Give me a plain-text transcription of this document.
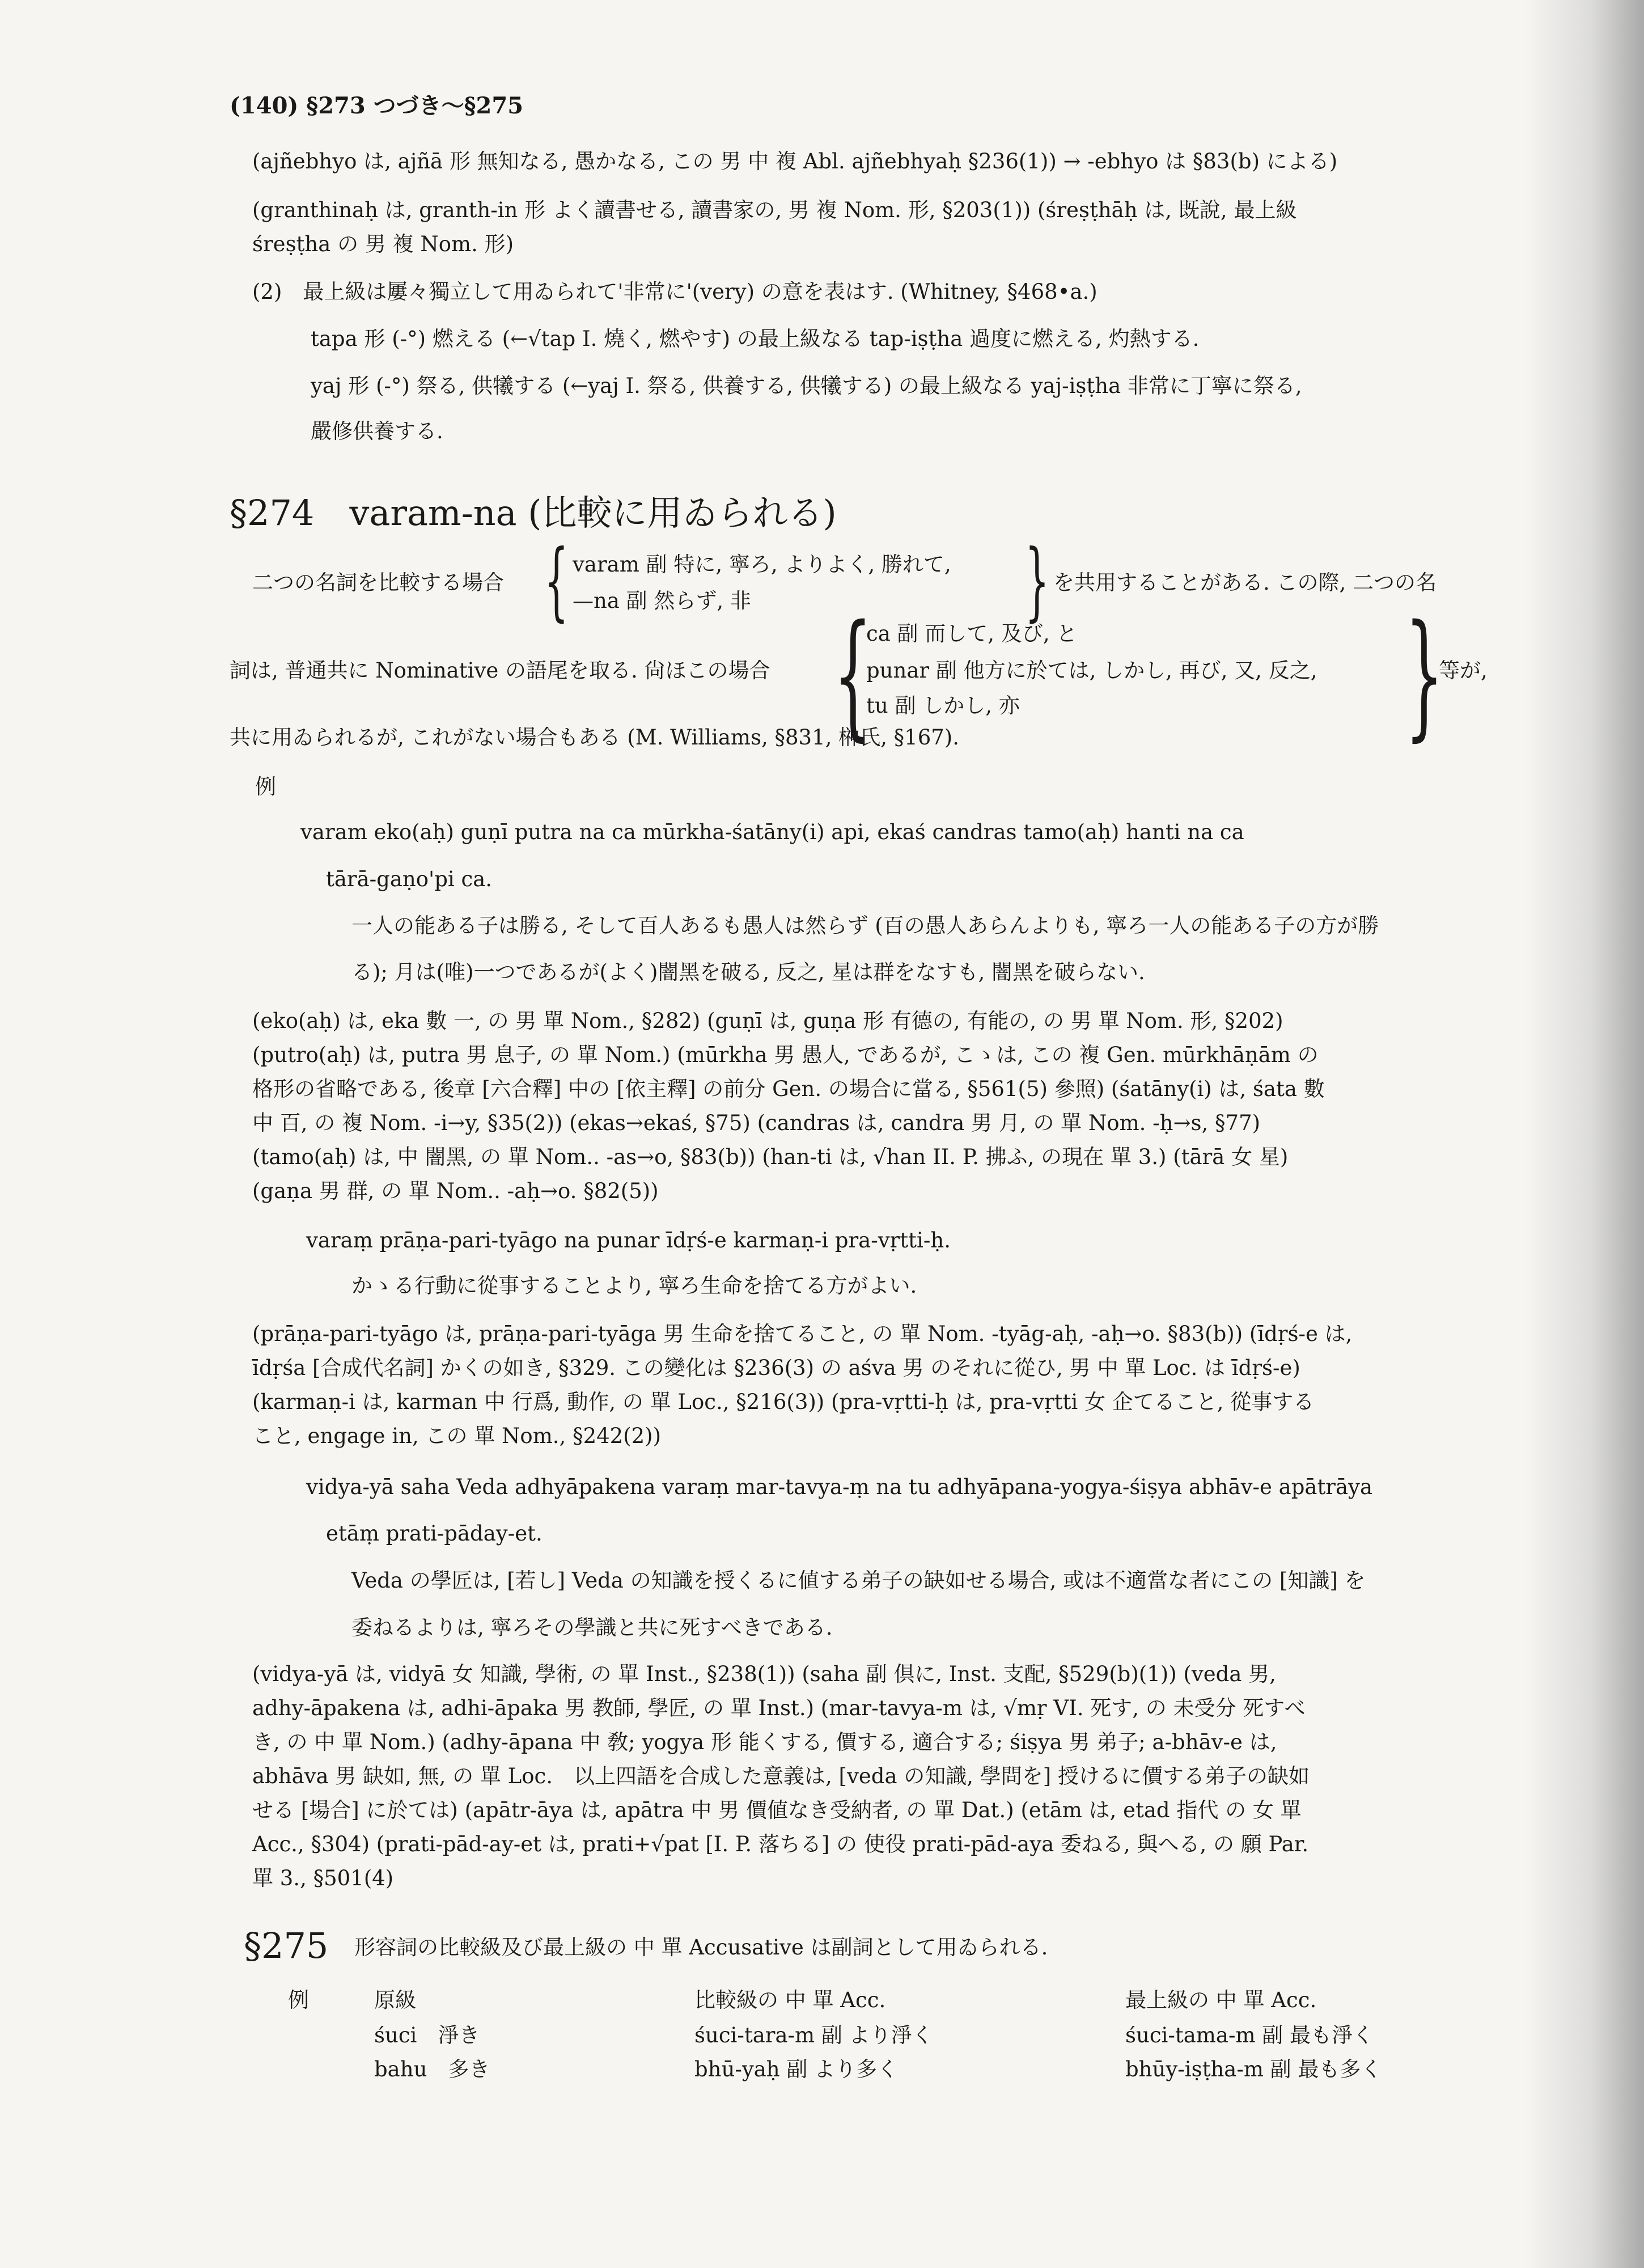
(140) §273 つづき～§275
(ajñebhyo は, ajñā 形 無知なる, 愚かなる, この 男 中 複 Abl. ajñebhyaḥ §236(1)) → -ebhyo は §83(b) による)
(granthinaḥ は, granth-in 形 よく讀書せる, 讀書家の, 男 複 Nom. 形, §203(1)) (śreṣṭhāḥ は, 既說, 最上級
śreṣṭha の 男 複 Nom. 形)
(2)　最上級は屢々獨立して用ゐられて'非常に'(very) の意を表はす. (Whitney, §468•a.)
tapa 形 (-°) 燃える (←√tap I. 燒く, 燃やす) の最上級なる tap-iṣṭha 過度に燃える, 灼熱する.
yaj 形 (-°) 祭る, 供犧する (←yaj I. 祭る, 供養する, 供犧する) の最上級なる yaj-iṣṭha 非常に丁寧に祭る,
嚴修供養する.
§274　varam-na (比較に用ゐられる)
二つの名詞を比較する場合 { varam 副 特に, 寧ろ, よりよく, 勝れて,
—na 副 然らず, 非	} を共用することがある. この際, 二つの名
詞は, 普通共に Nominative の語尾を取る. 尙ほこの場合 {
ca 副 而して, 及び, と
punar 副 他方に於ては, しかし, 再び, 又, 反之,
tu 副 しかし, 亦	}
等が,
共に用ゐられるが, これがない場合もある (M. Williams, §831, 榊氏, §167).
例
varam eko(aḥ) guṇī putra na ca mūrkha-śatāny(i) api, ekaś candras tamo(aḥ) hanti na ca
tārā-gaṇo'pi ca.
一人の能ある子は勝る, そして百人あるも愚人は然らず (百の愚人あらんよりも, 寧ろ一人の能ある子の方が勝
る); 月は(唯)一つであるが(よく)闇黑を破る, 反之, 星は群をなすも, 闇黑を破らない.
(eko(aḥ) は, eka 數 一, の 男 單 Nom., §282) (guṇī は, guṇa 形 有德の, 有能の, の 男 單 Nom. 形, §202)
(putro(aḥ) は, putra 男 息子, の 單 Nom.) (mūrkha 男 愚人, であるが, こゝは, この 複 Gen. mūrkhāṇām の
格形の省略である, 後章 [六合釋] 中の [依主釋] の前分 Gen. の場合に當る, §561(5) 參照) (śatāny(i) は, śata 數
中 百, の 複 Nom. -i→y, §35(2)) (ekas→ekaś, §75) (candras は, candra 男 月, の 單 Nom. -ḥ→s, §77)
(tamo(aḥ) は, 中 闇黑, の 單 Nom.. -as→o, §83(b)) (han-ti は, √han II. P. 拂ふ, の現在 單 3.) (tārā 女 星)
(gaṇa 男 群, の 單 Nom.. -aḥ→o. §82(5))
varaṃ prāṇa-pari-tyāgo na punar īdṛś-e karmaṇ-i pra-vṛtti-ḥ.
かゝる行動に從事することより, 寧ろ生命を捨てる方がよい.
(prāṇa-pari-tyāgo は, prāṇa-pari-tyāga 男 生命を捨てること, の 單 Nom. -tyāg-aḥ, -aḥ→o. §83(b)) (īdṛś-e は,
īdṛśa [合成代名詞] かくの如き, §329. この變化は §236(3) の aśva 男 のそれに從ひ, 男 中 單 Loc. は īdṛś-e)
(karmaṇ-i は, karman 中 行爲, 動作, の 單 Loc., §216(3)) (pra-vṛtti-ḥ は, pra-vṛtti 女 企てること, 從事する
こと, engage in, この 單 Nom., §242(2))
vidya-yā saha Veda adhyāpakena varaṃ mar-tavya-ṃ na tu adhyāpana-yogya-śiṣya abhāv-e apātrāya
etāṃ prati-pāday-et.
Veda の學匠は, [若し] Veda の知識を授くるに値する弟子の缺如せる場合, 或は不適當な者にこの [知識] を
委ねるよりは, 寧ろその學識と共に死すべきである.
(vidya-yā は, vidyā 女 知識, 學術, の 單 Inst., §238(1)) (saha 副 倶に, Inst. 支配, §529(b)(1)) (veda 男,
adhy-āpakena は, adhi-āpaka 男 教師, 學匠, の 單 Inst.) (mar-tavya-m は, √mṛ VI. 死す, の 未受分 死すべ
き, の 中 單 Nom.) (adhy-āpana 中 敎; yogya 形 能くする, 價する, 適合する; śiṣya 男 弟子; a-bhāv-e は,
abhāva 男 缺如, 無, の 單 Loc.　以上四語を合成した意義は, [veda の知識, 學問を] 授けるに價する弟子の缺如
せる [場合] に於ては) (apātr-āya は, apātra 中 男 價値なき受納者, の 單 Dat.) (etām は, etad 指代 の 女 單
Acc., §304) (prati-pād-ay-et は, prati+√pat [I. P. 落ちる] の 使役 prati-pād-aya 委ねる, 與へる, の 願 Par.
單 3., §501(4)
§275 形容詞の比較級及び最上級の 中 單 Accusative は副詞として用ゐられる.
例	原級	比較級の 中 單 Acc.	最上級の 中 單 Acc.
śuci　淨き	śuci-tara-m 副 より淨く	śuci-tama-m 副 最も淨く
bahu　多き	bhū-yaḥ 副 より多く	bhūy-iṣṭha-m 副 最も多く
